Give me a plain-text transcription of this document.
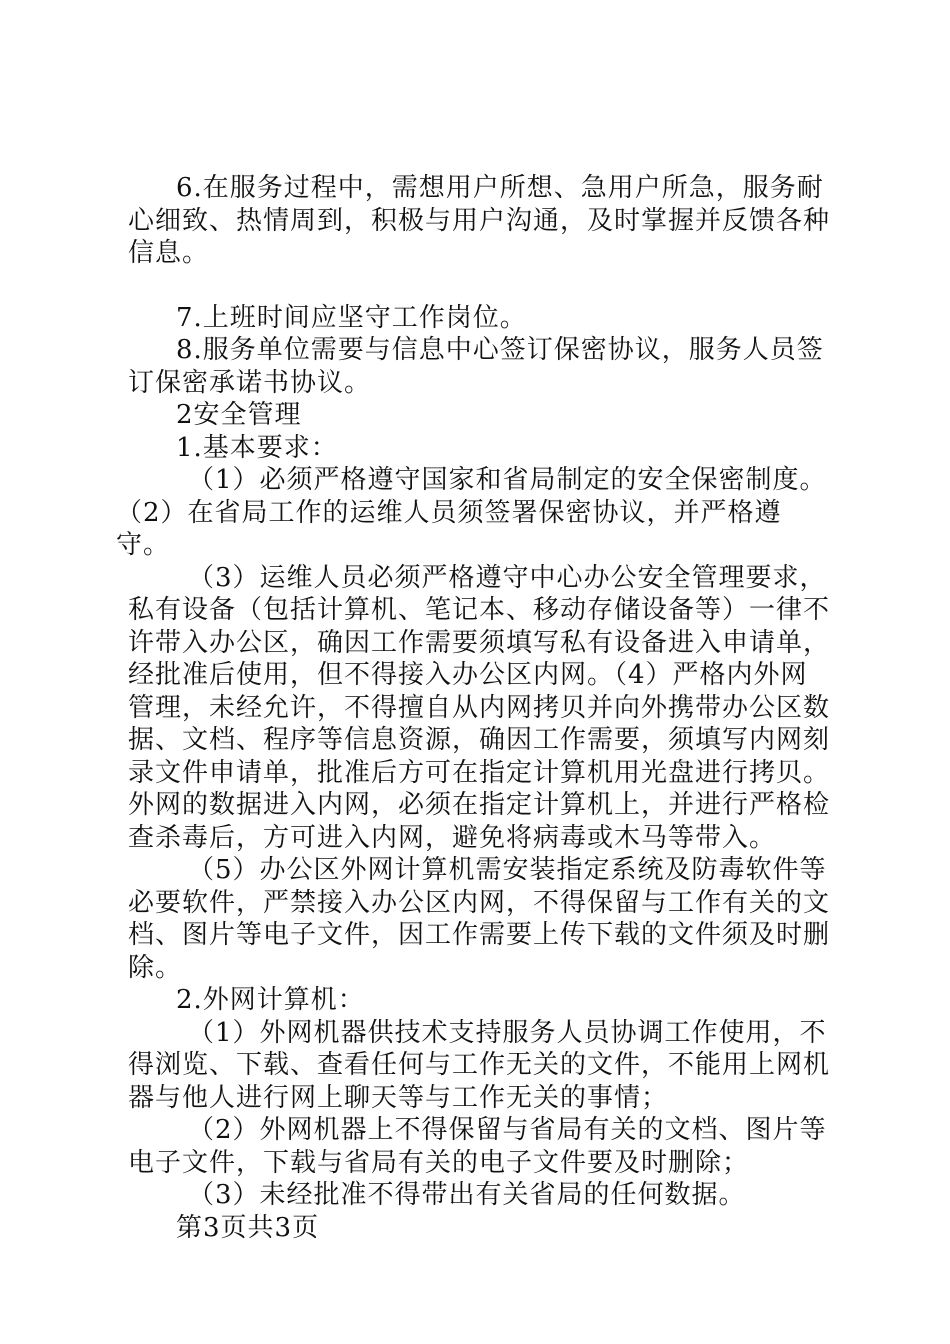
6.在服务过程中，需想用户所想、急用户所急，服务耐心细致、热情周到，积极与用户沟通，及时掌握并反馈各种信息。

7.上班时间应坚守工作岗位。

8.服务单位需要与信息中心签订保密协议，服务人员签订保密承诺书协议。

2安全管理

1.基本要求：

（1）必须严格遵守国家和省局制定的安全保密制度。

（2）在省局工作的运维人员须签署保密协议，并严格遵守。

（3）运维人员必须严格遵守中心办公安全管理要求，私有设备（包括计算机、笔记本、移动存储设备等）一律不许带入办公区，确因工作需要须填写私有设备进入申请单，经批准后使用，但不得接入办公区内网。（4）严格内外网管理，未经允许，不得擅自从内网拷贝并向外携带办公区数据、文档、程序等信息资源，确因工作需要，须填写内网刻录文件申请单，批准后方可在指定计算机用光盘进行拷贝。外网的数据进入内网，必须在指定计算机上，并进行严格检查杀毒后，方可进入内网，避免将病毒或木马等带入。

（5）办公区外网计算机需安装指定系统及防毒软件等必要软件，严禁接入办公区内网，不得保留与工作有关的文档、图片等电子文件，因工作需要上传下载的文件须及时删除。

2.外网计算机：

（1）外网机器供技术支持服务人员协调工作使用，不得浏览、下载、查看任何与工作无关的文件，不能用上网机器与他人进行网上聊天等与工作无关的事情；

（2）外网机器上不得保留与省局有关的文档、图片等电子文件，下载与省局有关的电子文件要及时删除；

（3）未经批准不得带出有关省局的任何数据。

第3页共3页
